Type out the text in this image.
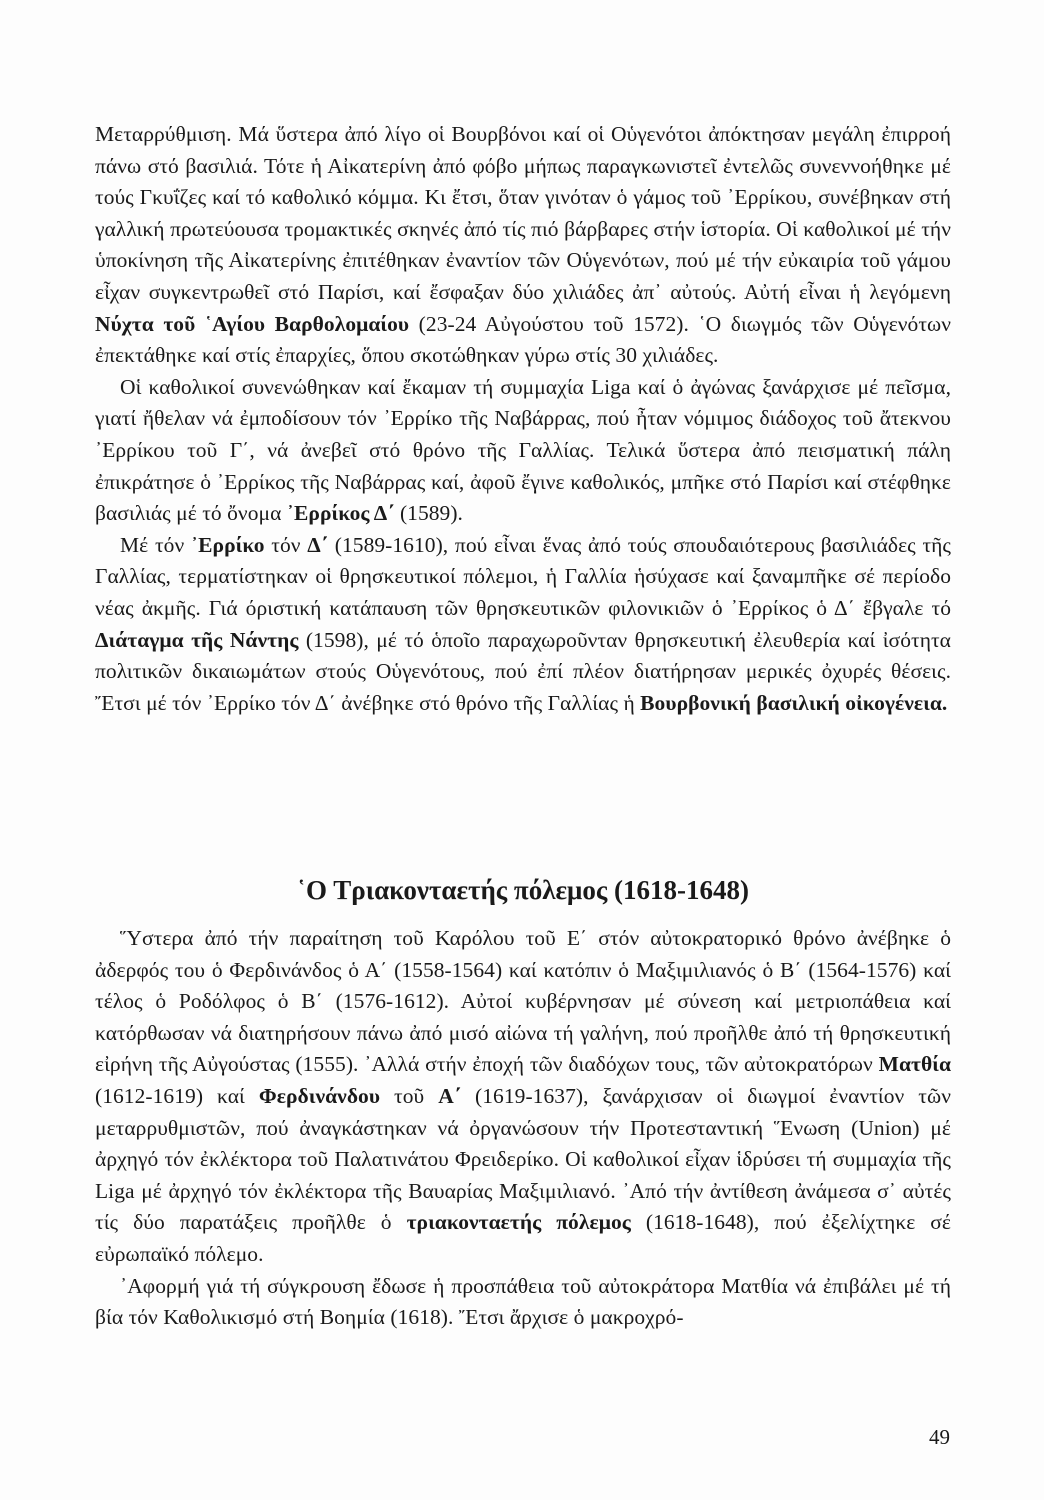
Μεταρρύθμιση. Μά ὕστερα ἀπό λίγο οἱ Βουρβόνοι καί οἱ Οὑγενότοι ἀπόκτησαν μεγάλη ἐπιρροή πάνω στό βασιλιά. Τότε ἡ Αἰκατερίνη ἀπό φόβο μήπως παραγκωνιστεῖ ἐντελῶς συνεννοήθηκε μέ τούς Γκυΐζες καί τό καθολικό κόμμα. Κι ἔτσι, ὅταν γινόταν ὁ γάμος τοῦ ᾿Ερρίκου, συνέβηκαν στή γαλλική πρωτεύουσα τρομακτικές σκηνές ἀπό τίς πιό βάρβαρες στήν ἱστορία. Οἱ καθολικοί μέ τήν ὑποκίνηση τῆς Αἰκατερίνης ἐπιτέθηκαν ἐναντίον τῶν Οὑγενότων, πού μέ τήν εὐκαιρία τοῦ γάμου εἶχαν συγκεντρωθεῖ στό Παρίσι, καί ἔσφαξαν δύο χιλιάδες ἀπ᾿ αὐτούς. Αὐτή εἶναι ἡ λεγόμενη Νύχτα τοῦ ῾Αγίου Βαρθολομαίου (23-24 Αὐγούστου τοῦ 1572). ῾Ο διωγμός τῶν Οὑγενότων ἐπεκτάθηκε καί στίς ἐπαρχίες, ὅπου σκοτώθηκαν γύρω στίς 30 χιλιάδες.

Οἱ καθολικοί συνενώθηκαν καί ἔκαμαν τή συμμαχία Liga καί ὁ ἀγώνας ξανάρχισε μέ πεῖσμα, γιατί ἤθελαν νά ἐμποδίσουν τόν ᾿Ερρίκο τῆς Ναβάρρας, πού ἦταν νόμιμος διάδοχος τοῦ ἄτεκνου ᾿Ερρίκου τοῦ Γ΄, νά ἀνεβεῖ στό θρόνο τῆς Γαλλίας. Τελικά ὕστερα ἀπό πεισματική πάλη ἐπικράτησε ὁ ᾿Ερρίκος τῆς Ναβάρρας καί, ἀφοῦ ἔγινε καθολικός, μπῆκε στό Παρίσι καί στέφθηκε βασιλιάς μέ τό ὄνομα ᾿Ερρίκος Δ΄ (1589).

Μέ τόν ᾿Ερρίκο τόν Δ΄ (1589-1610), πού εἶναι ἕνας ἀπό τούς σπουδαιότερους βασιλιάδες τῆς Γαλλίας, τερματίστηκαν οἱ θρησκευτικοί πόλεμοι, ἡ Γαλλία ἡσύχασε καί ξαναμπῆκε σέ περίοδο νέας ἀκμῆς. Γιά όριστική κατάπαυση τῶν θρησκευτικῶν φιλονικιῶν ὁ ᾿Ερρίκος ὁ Δ΄ ἔβγαλε τό Διάταγμα τῆς Νάντης (1598), μέ τό ὁποῖο παραχωροῦνταν θρησκευτική ἐλευθερία καί ἰσότητα πολιτικῶν δικαιωμάτων στούς Οὑγενότους, πού ἐπί πλέον διατήρησαν μερικές ὀχυρές θέσεις. Ἔτσι μέ τόν ᾿Ερρίκο τόν Δ΄ ἀνέβηκε στό θρόνο τῆς Γαλλίας ἡ Βουρβονική βασιλική οἰκογένεια.

῾Ο Τριακονταετής πόλεμος (1618-1648)

Ὕστερα ἀπό τήν παραίτηση τοῦ Καρόλου τοῦ Ε΄ στόν αὐτοκρατορικό θρόνο ἀνέβηκε ὁ ἀδερφός του ὁ Φερδινάνδος ὁ Α΄ (1558-1564) καί κατόπιν ὁ Μαξιμιλιανός ὁ Β΄ (1564-1576) καί τέλος ὁ Ροδόλφος ὁ Β΄ (1576-1612). Αὐτοί κυβέρνησαν μέ σύνεση καί μετριοπάθεια καί κατόρθωσαν νά διατηρήσουν πάνω ἀπό μισό αἰώνα τή γαλήνη, πού προῆλθε ἀπό τή θρησκευτική εἰρήνη τῆς Αὐγούστας (1555). ᾿Αλλά στήν ἐποχή τῶν διαδόχων τους, τῶν αὐτοκρατόρων Ματθία (1612-1619) καί Φερδινάνδου τοῦ Α΄ (1619-1637), ξανάρχισαν οἱ διωγμοί ἐναντίον τῶν μεταρρυθμιστῶν, πού ἀναγκάστηκαν νά ὀργανώσουν τήν Προτεσταντική Ἕνωση (Union) μέ ἀρχηγό τόν ἐκλέκτορα τοῦ Παλατινάτου Φρειδερίκο. Οἱ καθολικοί εἶχαν ἱδρύσει τή συμμαχία τῆς Liga μέ ἀρχηγό τόν ἐκλέκτορα τῆς Βαυαρίας Μαξιμιλιανό. ᾿Από τήν ἀντίθεση ἀνάμεσα σ᾿ αὐτές τίς δύο παρατάξεις προῆλθε ὁ τριακονταετής πόλεμος (1618-1648), πού ἐξελίχτηκε σέ εὐρωπαϊκό πόλεμο.

᾿Αφορμή γιά τή σύγκρουση ἔδωσε ἡ προσπάθεια τοῦ αὐτοκράτορα Ματθία νά ἐπιβάλει μέ τή βία τόν Καθολικισμό στή Βοημία (1618). Ἔτσι ἄρχισε ὁ μακροχρό-

49
